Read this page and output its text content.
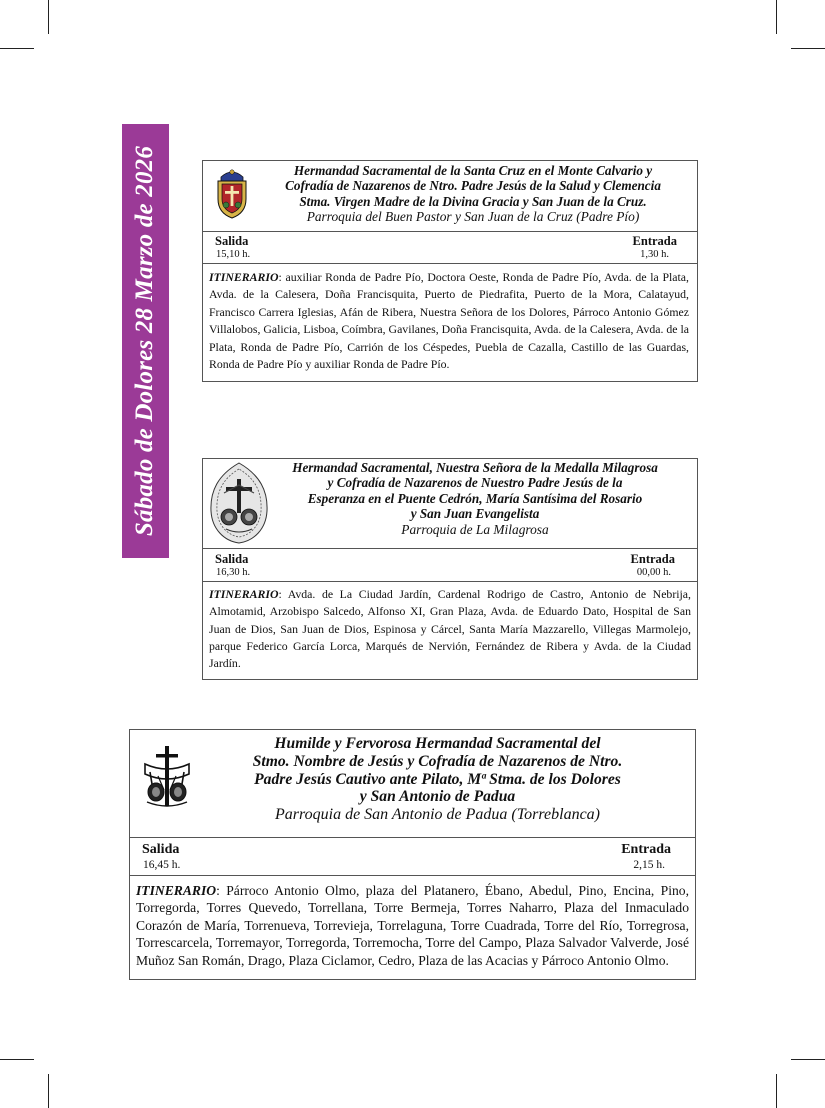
Sábado de Dolores 28 Marzo de 2026	Hermandad Sacramental de la Santa Cruz en el Monte Calvario y
Cofradía de Nazarenos de Ntro. Padre Jesús de la Salud y Clemencia
Stma. Virgen Madre de la Divina Gracia y San Juan de la Cruz.
Parroquia del Buen Pastor y San Juan de la Cruz (Padre Pío)
Salida
15,10 h.
Entrada
1,30 h.
ITINERARIO: auxiliar Ronda de Padre Pío, Doctora Oeste, Ronda de Padre Pío, Avda. de la Plata, Avda. de la Calesera, Doña Francisquita, Puerto de Piedrafita, Puerto de la Mora, Calatayud, Francisco Carrera Iglesias, Afán de Ribera, Nuestra Señora de los Dolores, Párroco Antonio Gómez Villalobos, Galicia, Lisboa, Coímbra, Gavilanes, Doña Francisquita, Avda. de la Calesera, Avda. de la Plata, Ronda de Padre Pío, Carrión de los Céspedes, Puebla de Cazalla, Castillo de las Guardas, Ronda de Padre Pío y auxiliar Ronda de Padre Pío.
Hermandad Sacramental, Nuestra Señora de la Medalla Milagrosa
y Cofradía de Nazarenos de Nuestro Padre Jesús de la
Esperanza en el Puente Cedrón, María Santísima del Rosario
y San Juan Evangelista
Parroquia de La Milagrosa
Salida
16,30 h.
Entrada
00,00 h.
ITINERARIO: Avda. de La Ciudad Jardín, Cardenal Rodrigo de Castro, Antonio de Nebrija, Almotamid, Arzobispo Salcedo, Alfonso XI, Gran Plaza, Avda. de Eduardo Dato, Hospital de San Juan de Dios, San Juan de Dios, Espinosa y Cárcel, Santa María Mazzarello, Villegas Marmolejo, parque Federico García Lorca, Marqués de Nervión, Fernández de Ribera y Avda. de la Ciudad Jardín.
Humilde y Fervorosa Hermandad Sacramental del
Stmo. Nombre de Jesús y Cofradía de Nazarenos de Ntro.
Padre Jesús Cautivo ante Pilato, Mª Stma. de los Dolores
y San Antonio de Padua
Parroquia de San Antonio de Padua (Torreblanca)
Salida
16,45 h.
Entrada
2,15 h.
ITINERARIO: Párroco Antonio Olmo, plaza del Platanero, Ébano, Abedul, Pino, Encina, Pino, Torregorda, Torres Quevedo, Torrellana, Torre Bermeja, Torres Naharro, Plaza del Inmaculado Corazón de María, Torrenueva, Torrevieja, Torrelaguna, Torre Cuadrada, Torre del Río, Torregrosa, Torrescarcela, Torremayor, Torregorda, Torremocha, Torre del Campo, Plaza Salvador Valverde, José Muñoz San Román, Drago, Plaza Ciclamor, Cedro, Plaza de las Acacias y Párroco Antonio Olmo.
